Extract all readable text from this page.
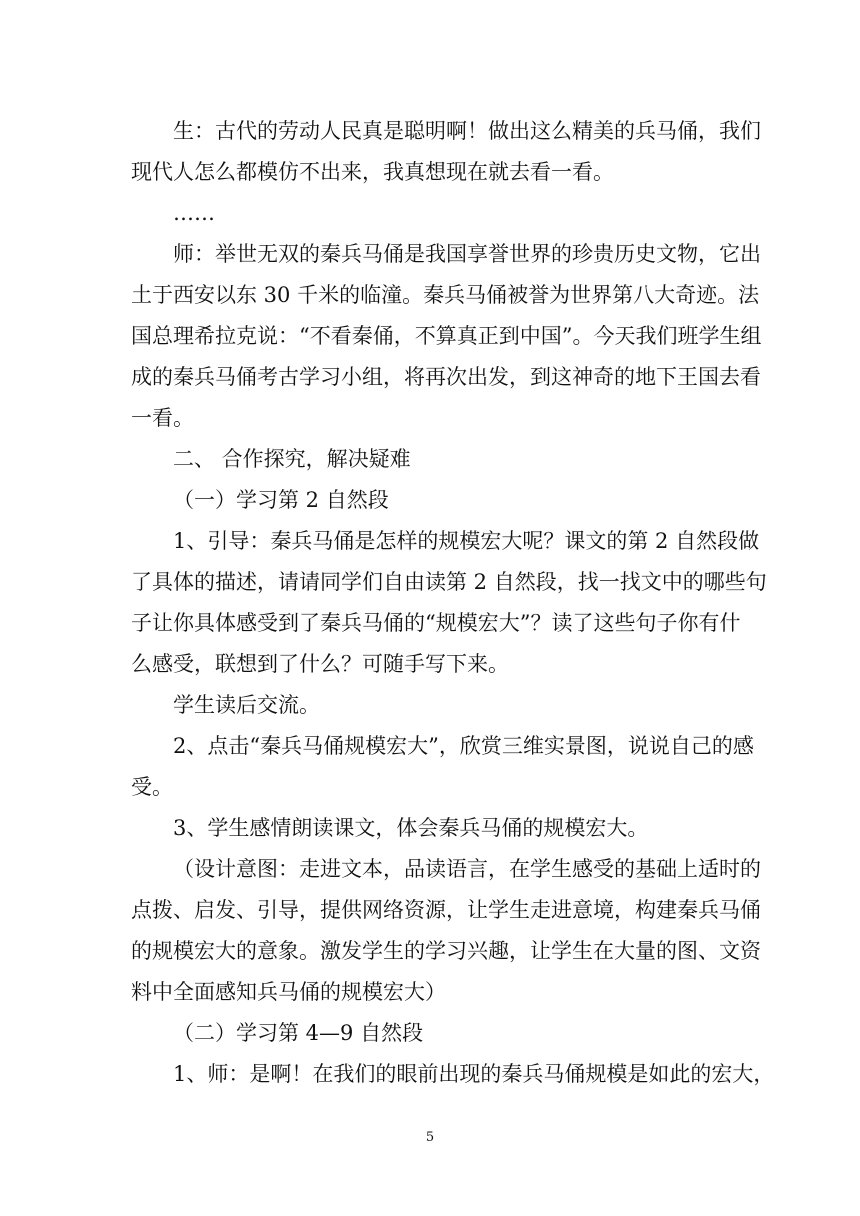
生：古代的劳动人民真是聪明啊！做出这么精美的兵马俑，我们
现代人怎么都模仿不出来，我真想现在就去看一看。
……
师：举世无双的秦兵马俑是我国享誉世界的珍贵历史文物，它出
土于西安以东 30 千米的临潼。秦兵马俑被誉为世界第八大奇迹。法
国总理希拉克说：“不看秦俑，不算真正到中国”。今天我们班学生组
成的秦兵马俑考古学习小组，将再次出发，到这神奇的地下王国去看
一看。
二、 合作探究，解决疑难
（一）学习第 2 自然段
1、引导：秦兵马俑是怎样的规模宏大呢？课文的第 2 自然段做
了具体的描述，请请同学们自由读第 2 自然段，找一找文中的哪些句
子让你具体感受到了秦兵马俑的“规模宏大”？读了这些句子你有什
么感受，联想到了什么？可随手写下来。
学生读后交流。
2、点击“秦兵马俑规模宏大”，欣赏三维实景图，说说自己的感
受。
3、学生感情朗读课文，体会秦兵马俑的规模宏大。
（设计意图：走进文本，品读语言，在学生感受的基础上适时的
点拨、启发、引导，提供网络资源，让学生走进意境，构建秦兵马俑
的规模宏大的意象。激发学生的学习兴趣，让学生在大量的图、文资
料中全面感知兵马俑的规模宏大）
（二）学习第 4—9 自然段
1、师：是啊！在我们的眼前出现的秦兵马俑规模是如此的宏大，
5
